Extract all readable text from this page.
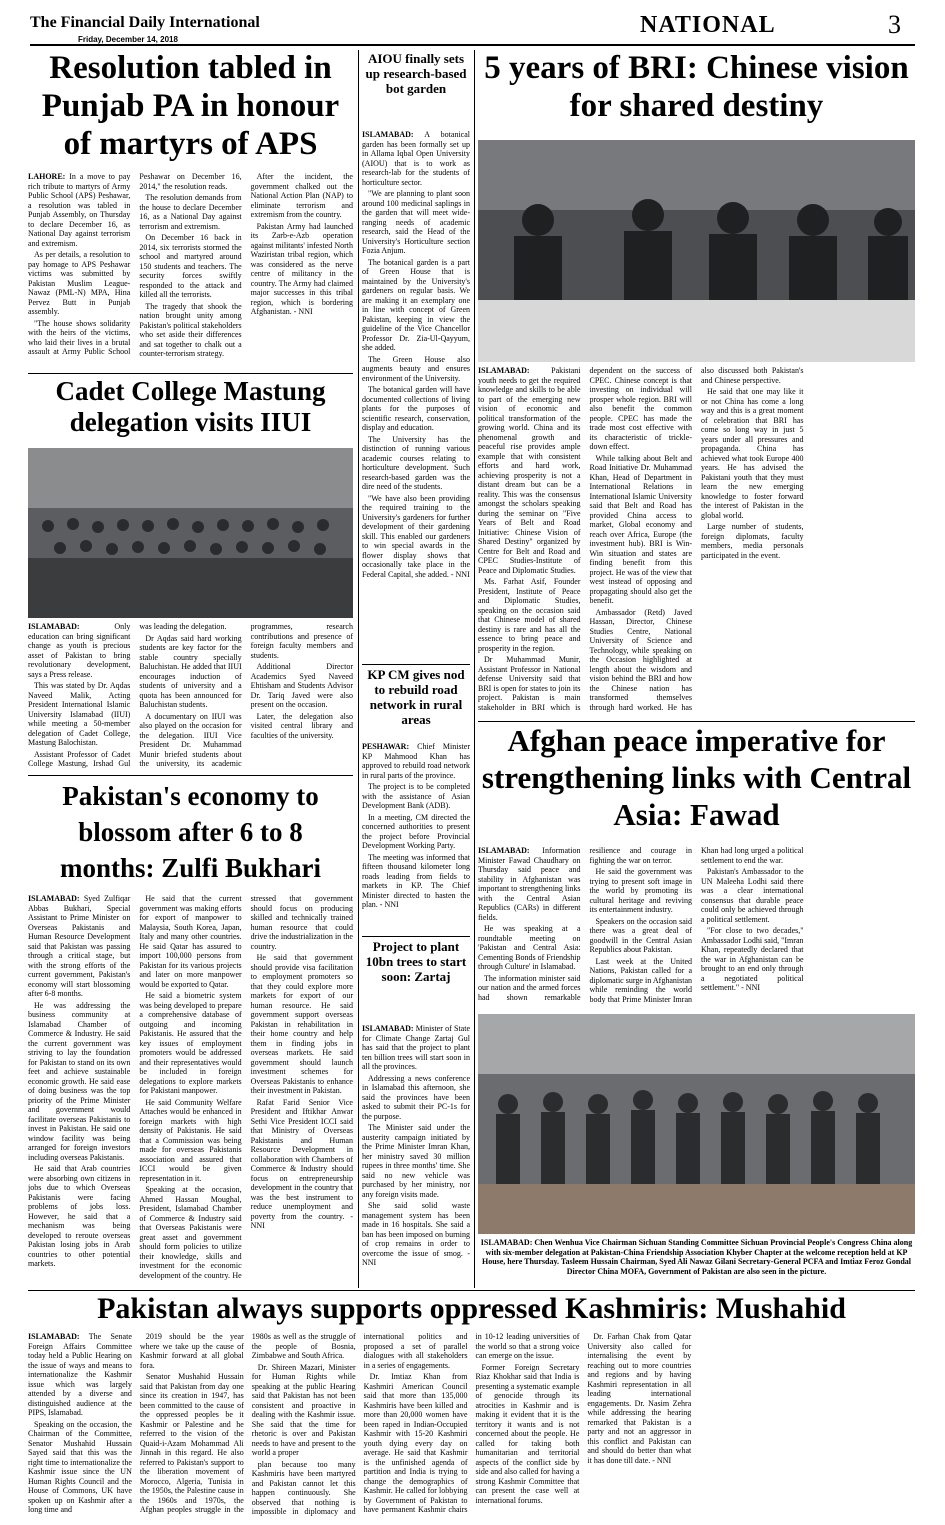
The Financial Daily International
Friday, December 14, 2018
NATIONAL	3
Resolution tabled in Punjab PA in honour of martyrs of APS

LAHORE: In a move to pay rich tribute to martyrs of Army Public School (APS) Peshawar, a resolution was tabled in Punjab Assembly, on Thursday to declare December 16, as National Day against terrorism and extremism.

As per details, a resolution to pay homage to APS Peshawar victims was submitted by Pakistan Muslim League-Nawaz (PML-N) MPA, Hina Pervez Butt in Punjab assembly.

"The house shows solidarity with the heirs of the victims, who laid their lives in a brutal assault at Army Public School Peshawar on December 16, 2014," the resolution reads.

The resolution demands from the house to declare December 16, as a National Day against terrorism and extremism.

On December 16 back in 2014, six terrorists stormed the school and martyred around 150 students and teachers. The security forces swiftly responded to the attack and killed all the terrorists.

The tragedy that shook the nation brought unity among Pakistan's political stakeholders who set aside their differences and sat together to chalk out a counter-terrorism strategy.

After the incident, the government chalked out the National Action Plan (NAP) to eliminate terrorism and extremism from the country.

Pakistan Army had launched its Zarb-e-Azb operation against militants' infested North Waziristan tribal region, which was considered as the nerve centre of militancy in the country. The Army had claimed major successes in this tribal region, which is bordering Afghanistan. - NNI

Cadet College Mastung delegation visits IIUI

ISLAMABAD:	Only education can bring significant change as youth is precious asset of Pakistan to bring revolutionary development, says a Press release.

This was stated by Dr. Aqdas Naveed Malik, Acting President International Islamic University Islamabad (IIUI) while meeting a 50-member delegation of Cadet College, Mastung Balochistan.

Assistant Professor of Cadet College Mastung, Irshad Gul was leading the delegation.

Dr Aqdas said hard working students are key factor for the stable country specially Baluchistan. He added that IIUI encourages induction of students of university and a quota has been announced for Baluchistan students.

A documentary on IIUI was also played on the occasion for the delegation. IIUI Vice President Dr. Muhammad Munir briefed students about the university, its academic programmes, research contributions and presence of foreign faculty members and students.

Additional Director Academics Syed Naveed Ehtisham and Students Advisor Dr. Tariq Javed were also present on the occasion.

Later, the delegation also visited central library and faculties of the university.

Pakistan's economy to blossom after 6 to 8 months: Zulfi Bukhari

ISLAMABAD: Syed Zulfiqar Abbas Bukhari, Special Assistant to Prime Minister on Overseas Pakistanis and Human Resource Development said that Pakistan was passing through a critical stage, but with the strong efforts of the current government, Pakistan's economy will start blossoming after 6-8 months.

He was addressing the business community at Islamabad Chamber of Commerce & Industry. He said the current government was striving to lay the foundation for Pakistan to stand on its own feet and achieve sustainable economic growth. He said ease of doing business was the top priority of the Prime Minister and government would facilitate overseas Pakistanis to invest in Pakistan. He said one window facility was being arranged for foreign investors including overseas Pakistanis.

He said that Arab countries were absorbing own citizens in jobs due to which Overseas Pakistanis were facing problems of jobs loss. However, he said that a mechanism was being developed to reroute overseas Pakistan losing jobs in Arab countries to other potential markets.

He said that the current government was making efforts for export of manpower to Malaysia, South Korea, Japan, Italy and many other countries. He said Qatar has assured to import 100,000 persons from Pakistan for its various projects and later on more manpower would be exported to Qatar.

He said a biometric system was being developed to prepare a comprehensive database of outgoing and incoming Pakistanis. He assured that the key issues of employment promoters would be addressed and their representatives would be included in foreign delegations to explore markets for Pakistani manpower.

He said Community Welfare Attaches would be enhanced in foreign markets with high density of Pakistanis. He said that a Commission was being made for overseas Pakistanis association and assured that ICCI would be given representation in it.

Speaking at the occasion, Ahmed Hassan Moughal, President, Islamabad Chamber of Commerce & Industry said that Overseas Pakistanis were great asset and government should form policies to utilize their knowledge, skills and investment for the economic development of the country. He stressed that government should focus on producing skilled and technically trained human resource that could drive the industrialization in the country.

He said that government should provide visa facilitation to employment promoters so that they could explore more markets for export of our human resource. He said government support overseas Pakistan in rehabilitation in their home country and help them in finding jobs in overseas markets. He said government should launch investment schemes for Overseas Pakistanis to enhance their investment in Pakistan.

Rafat Farid Senior Vice President and Iftikhar Anwar Sethi Vice President ICCI said that Ministry of Overseas Pakistanis and Human Resource Development in collaboration with Chambers of Commerce & Industry should focus on entrepreneurship development in the country that was the best instrument to reduce unemployment and poverty from the country. - NNI

AIOU finally sets up research-based bot garden

ISLAMABAD: A botanical garden has been formally set up in Allama Iqbal Open University (AIOU) that is to work as research-lab for the students of horticulture sector.

"We are planning to plant soon around 100 medicinal saplings in the garden that will meet wide-ranging needs of academic research, said the Head of the University's Horticulture section Fozia Anjum.

The botanical garden is a part of Green House that is maintained by the University's gardeners on regular basis. We are making it an exemplary one in line with concept of Green Pakistan, keeping in view the guideline of the Vice Chancellor Professor Dr. Zia-Ul-Qayyum, she added.

The Green House also augments beauty and ensures environment of the University.

The botanical garden will have documented collections of living plants for the purposes of scientific research, conservation, display and education.

The University has the distinction of running various academic courses relating to horticulture development. Such research-based garden was the dire need of the students.

"We have also been providing the required training to the University's gardeners for further development of their gardening skill. This enabled our gardeners to win special awards in the flower display shows that occasionally take place in the Federal Capital, she added. - NNI

KP CM gives nod to rebuild road network in rural areas

PESHAWAR: Chief Minister KP Mahmood Khan has approved to rebuild road network in rural parts of the province.

The project is to be completed with the assistance of Asian Development Bank (ADB).

In a meeting, CM directed the concerned authorities to present the project before Provincial Development Working Party.

The meeting was informed that fifteen thousand kilometer long roads leading from fields to markets in KP. The Chief Minister directed to hasten the plan. - NNI

Project to plant 10bn trees to start soon: Zartaj

ISLAMABAD: Minister of State for Climate Change Zartaj Gul has said that the project to plant ten billion trees will start soon in all the provinces.

Addressing a news conference in Islamabad this afternoon, she said the provinces have been asked to submit their PC-1s for the purpose.

The Minister said under the austerity campaign initiated by the Prime Minister Imran Khan, her ministry saved 30 million rupees in three months' time. She said no new vehicle was purchased by her ministry, nor any foreign visits made.

She said solid waste management system has been made in 16 hospitals. She said a ban has been imposed on burning of crop remains in order to overcome the issue of smog. - NNI

5 years of BRI: Chinese vision for shared destiny

ISLAMABAD:	Pakistani youth needs to get the required knowledge and skills to be able to part of the emerging new vision of economic and political transformation of the growing world. China and its phenomenal growth and peaceful rise provides ample example that with consistent efforts and hard work, achieving prosperity is not a distant dream but can be a reality. This was the consensus amongst the scholars speaking during the seminar on "Five Years of Belt and Road Initiative: Chinese Vision of Shared Destiny" organized by Centre for Belt and Road and CPEC Studies-Institute of Peace and Diplomatic Studies.

Ms. Farhat Asif, Founder President, Institute of Peace and Diplomatic Studies, speaking on the occasion said that Chinese model of shared destiny is rare and has all the essence to bring peace and prosperity in the region.

Dr Muhammad Munir, Assistant Professor in National defense University said that BRI is open for states to join its project. Pakistan is main stakeholder in BRI which is dependent on the success of CPEC. Chinese concept is that investing on individual will prosper whole region. BRI will also benefit the common people. CPEC has made the trade most cost effective with its characteristic of trickle-down effect.

While talking about Belt and Road Initiative Dr. Muhammad Khan, Head of Department in International Relations in International Islamic University said that Belt and Road has provided China access to market, Global economy and reach over Africa, Europe (the investment hub). BRI is Win-Win situation and states are finding benefit from this project. He was of the view that west instead of opposing and propagating should also get the benefit.

Ambassador (Retd) Javed Hassan, Director, Chinese Studies Centre, National University of Science and Technology, while speaking on the Occasion highlighted at length about the wisdom and vision behind the BRI and how the Chinese nation has transformed themselves through hard worked. He has also discussed both Pakistan's and Chinese perspective.

He said that one may like it or not China has come a long way and this is a great moment of celebration that BRI has come so long way in just 5 years under all pressures and propaganda. China has achieved what took Europe 400 years. He has advised the Pakistani youth that they must learn the new emerging knowledge to foster forward the interest of Pakistan in the global world.

Large number of students, foreign diplomats, faculty members, media personals participated in the event.

Afghan peace imperative for strengthening links with Central Asia: Fawad

ISLAMABAD: Information Minister Fawad Chaudhary on Thursday said peace and stability in Afghanistan was important to strengthening links with the Central Asian Republics (CARs) in different fields.

He was speaking at a roundtable meeting on 'Pakistan and Central Asia: Cementing Bonds of Friendship through Culture' in Islamabad.

The information minister said our nation and the armed forces had shown remarkable resilience and courage in fighting the war on terror.

He said the government was trying to present soft image in the world by promoting its cultural heritage and reviving its entertainment industry.

Speakers on the occasion said there was a great deal of goodwill in the Central Asian Republics about Pakistan.

Last week at the United Nations, Pakistan called for a diplomatic surge in Afghanistan while reminding the world body that Prime Minister Imran Khan had long urged a political settlement to end the war.

Pakistan's Ambassador to the UN Maleeha Lodhi said there was a clear international consensus that durable peace could only be achieved through a political settlement.

"For close to two decades," Ambassador Lodhi said, "Imran Khan, repeatedly declared that the war in Afghanistan can be brought to an end only through a negotiated political settlement." - NNI

ISLAMABAD: Chen Wenhua Vice Chairman Sichuan Standing Committee Sichuan Provincial People's Congress China along with six-member delegation at Pakistan-China Friendship Association Khyber Chapter at the welcome reception held at KP House, here Thursday. Tasleem Hussain Chairman, Syed Ali Nawaz Gilani Secretary-General PCFA and Imtiaz Feroz Gondal Director China MOFA, Government of Pakistan are also seen in the picture.
Pakistan always supports oppressed Kashmiris: Mushahid

ISLAMABAD: The Senate Foreign Affairs Committee today held a Public Hearing on the issue of ways and means to internationalize the Kashmir issue which was largely attended by a diverse and distinguished audience at the PIPS, Islamabad.

Speaking on the occasion, the Chairman of the Committee, Senator Mushahid Hussain Sayed said that this was the right time to internationalize the Kashmir issue since the UN Human Rights Council and the House of Commons, UK have spoken up on Kashmir after a long time and

2019 should be the year where we take up the cause of Kashmir forward at all global fora.

Senator Mushahid Hussain said that Pakistan from day one since its creation in 1947, has been committed to the cause of the oppressed peoples be it Kashmir or Palestine and he referred to the vision of the Quaid-i-Azam Mohammad Ali Jinnah in this regard. He also referred to Pakistan's support to the liberation movement of Morocco, Algeria, Tunisia in the 1950s, the Palestine cause in the 1960s and 1970s, the Afghan peoples struggle in the 1980s as well as the struggle of the people of Bosnia, Zimbabwe and South Africa.

Dr. Shireen Mazari, Minister for Human Rights while speaking at the public Hearing said that Pakistan has not been consistent and proactive in dealing with the Kashmir issue. She said that the time for rhetoric is over and Pakistan needs to have and present to the world a proper

plan because too many Kashmiris have been martyred and Pakistan cannot let this happen continuously. She observed that nothing is impossible in diplomacy and international politics and proposed a set of parallel dialogues with all stakeholders in a series of engagements.

Dr. Imtiaz Khan from Kashmiri American Council said that more than 135,000 Kashmiris have been killed and more than 20,000 women have been raped in Indian-Occupied Kashmir with 15-20 Kashmiri youth dying every day on average. He said that Kashmir is the unfinished agenda of partition and India is trying to change the demographics of Kashmir. He called for lobbying by Government of Pakistan to have permanent Kashmir chairs in 10-12 leading universities of the world so that a strong voice can emerge on the issue.

Former Foreign Secretary Riaz Khokhar said that India is presenting a systematic example of genocide through its atrocities in Kashmir and is making it evident that it is the territory it wants and is not concerned about the people. He called for taking both humanitarian and territorial aspects of the conflict side by side and also called for having a strong Kashmir Committee that can present the case well at international forums.

Dr. Farhan Chak from Qatar University also called for internalising the event by reaching out to more countries and regions and by having Kashmiri representation in all leading international engagements. Dr. Nasim Zehra while addressing the hearing remarked that Pakistan is a party and not an aggressor in this conflict and Pakistan can and should do better than what it has done till date. - NNI
